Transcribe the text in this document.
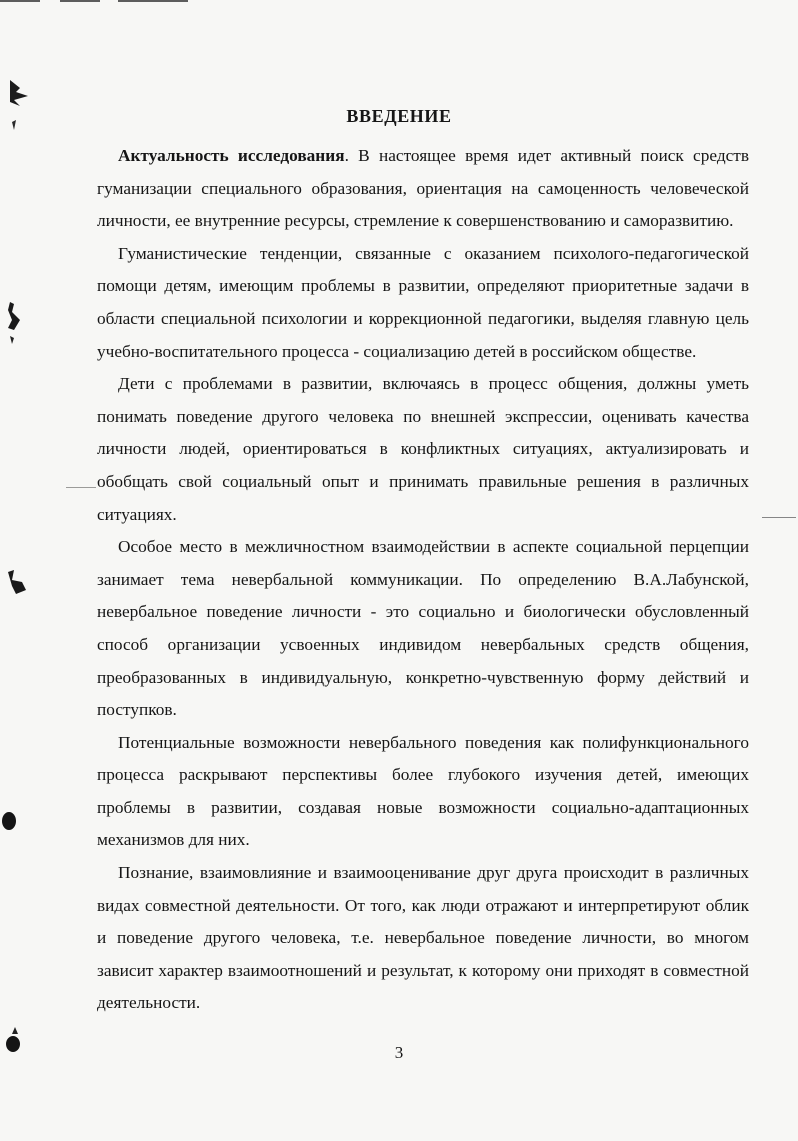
ВВЕДЕНИЕ

Актуальность исследования. В настоящее время идет активный поиск средств гуманизации специального образования, ориентация на самоценность человеческой личности, ее внутренние ресурсы, стремление к совершенствованию и саморазвитию.

Гуманистические тенденции, связанные с оказанием психолого-педагогической помощи детям, имеющим проблемы в развитии, определяют приоритетные задачи в области специальной психологии и коррекционной педагогики, выделяя главную цель учебно-воспитательного процесса - социализацию детей в российском обществе.

Дети с проблемами в развитии, включаясь в процесс общения, должны уметь понимать поведение другого человека по внешней экспрессии, оценивать качества личности людей, ориентироваться в конфликтных ситуациях, актуализировать и обобщать свой социальный опыт и принимать правильные решения в различных ситуациях.

Особое место в межличностном взаимодействии в аспекте социальной перцепции занимает тема невербальной коммуникации. По определению В.А.Лабунской, невербальное поведение личности - это социально и биологически обусловленный способ организации усвоенных индивидом невербальных средств общения, преобразованных в индивидуальную, конкретно-чувственную форму действий и поступков.

Потенциальные возможности невербального поведения как полифункционального процесса раскрывают перспективы более глубокого изучения детей, имеющих проблемы в развитии, создавая новые возможности социально-адаптационных механизмов для них.

Познание, взаимовлияние и взаимооценивание друг друга происходит в различных видах совместной деятельности. От того, как люди отражают и интерпретируют облик и поведение другого человека, т.е. невербальное поведение личности, во многом зависит характер взаимоотношений и результат, к которому они приходят в совместной деятельности.

3
